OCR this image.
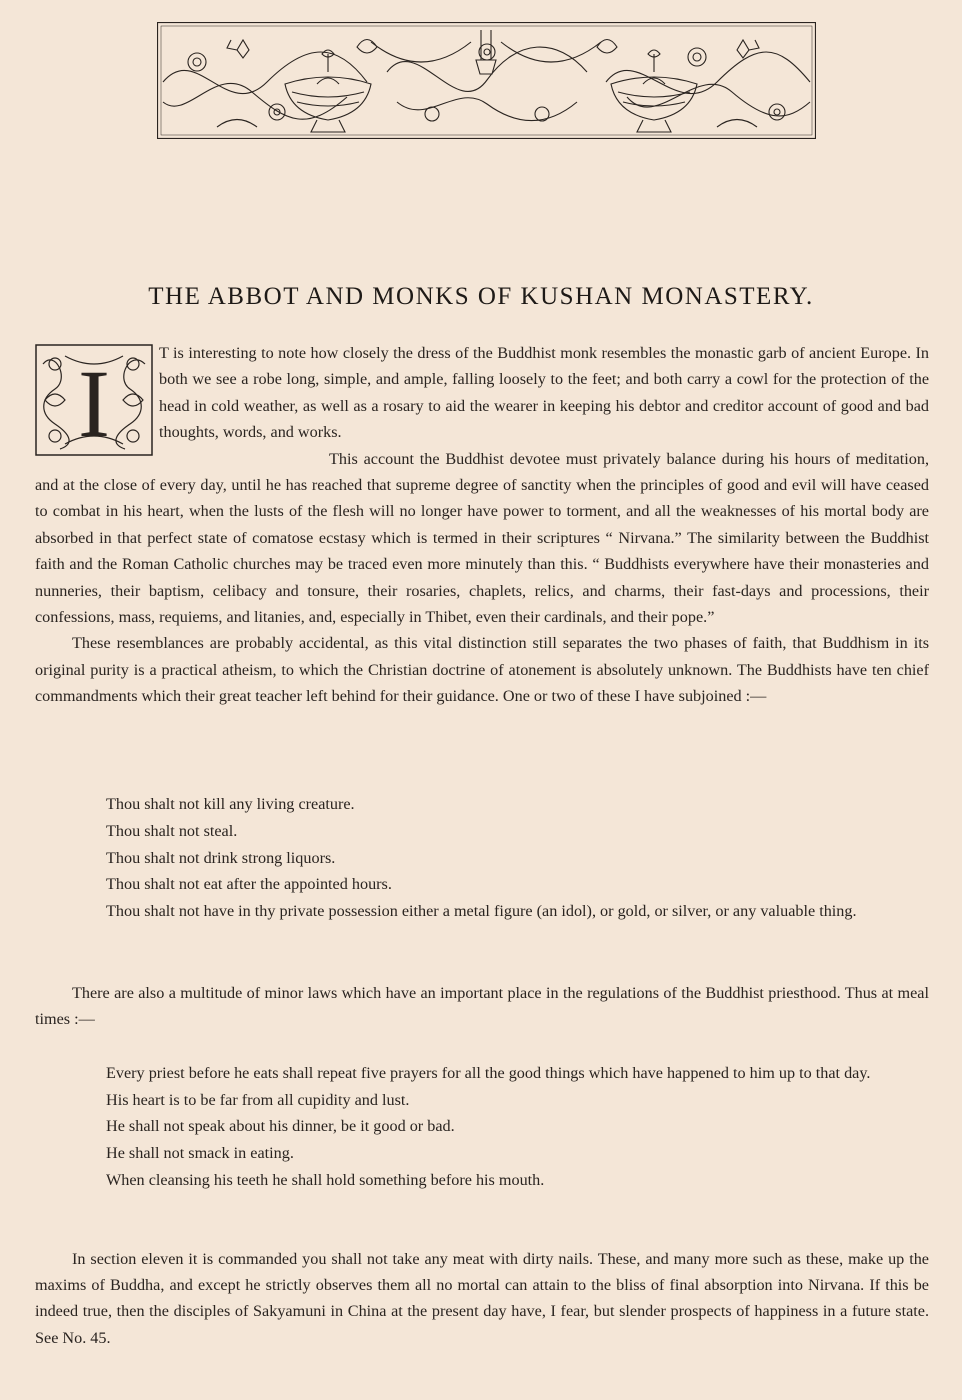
THE ABBOT AND MONKS OF KUSHAN MONASTERY.
I	T is interesting to note how closely the dress of the Buddhist monk resembles the monastic garb of ancient Europe. In both we see a robe long, simple, and ample, falling loosely to the feet; and both carry a cowl for the protection of the head in cold weather, as well as a rosary to aid the wearer in keeping his debtor and creditor account of good and bad thoughts, words, and works.

This account the Buddhist devotee must privately balance during his hours of meditation, and at the close of every day, until he has reached that supreme degree of sanctity when the principles of good and evil will have ceased to combat in his heart, when the lusts of the flesh will no longer have power to torment, and all the weaknesses of his mortal body are absorbed in that perfect state of comatose ecstasy which is termed in their scriptures “ Nirvana.” The similarity between the Buddhist faith and the Roman Catholic churches may be traced even more minutely than this. “ Buddhists everywhere have their monasteries and nunneries, their baptism, celibacy and tonsure, their rosaries, chaplets, relics, and charms, their fast-days and processions, their confessions, mass, requiems, and litanies, and, especially in Thibet, even their cardinals, and their pope.”

These resemblances are probably accidental, as this vital distinction still separates the two phases of faith, that Buddhism in its original purity is a practical atheism, to which the Christian doctrine of atonement is absolutely unknown. The Buddhists have ten chief commandments which their great teacher left behind for their guidance. One or two of these I have subjoined :—

Thou shalt not kill any living creature.
Thou shalt not steal.
Thou shalt not drink strong liquors.
Thou shalt not eat after the appointed hours.
Thou shalt not have in thy private possession either a metal figure (an idol), or gold, or silver, or any valuable thing.

There are also a multitude of minor laws which have an important place in the regulations of the Buddhist priesthood. Thus at meal times :—

Every priest before he eats shall repeat five prayers for all the good things which have happened to him up to that day.
His heart is to be far from all cupidity and lust.
He shall not speak about his dinner, be it good or bad.
He shall not smack in eating.
When cleansing his teeth he shall hold something before his mouth.

In section eleven it is commanded you shall not take any meat with dirty nails. These, and many more such as these, make up the maxims of Buddha, and except he strictly observes them all no mortal can attain to the bliss of final absorption into Nirvana. If this be indeed true, then the disciples of Sakyamuni in China at the present day have, I fear, but slender prospects of happiness in a future state. See No. 45.
